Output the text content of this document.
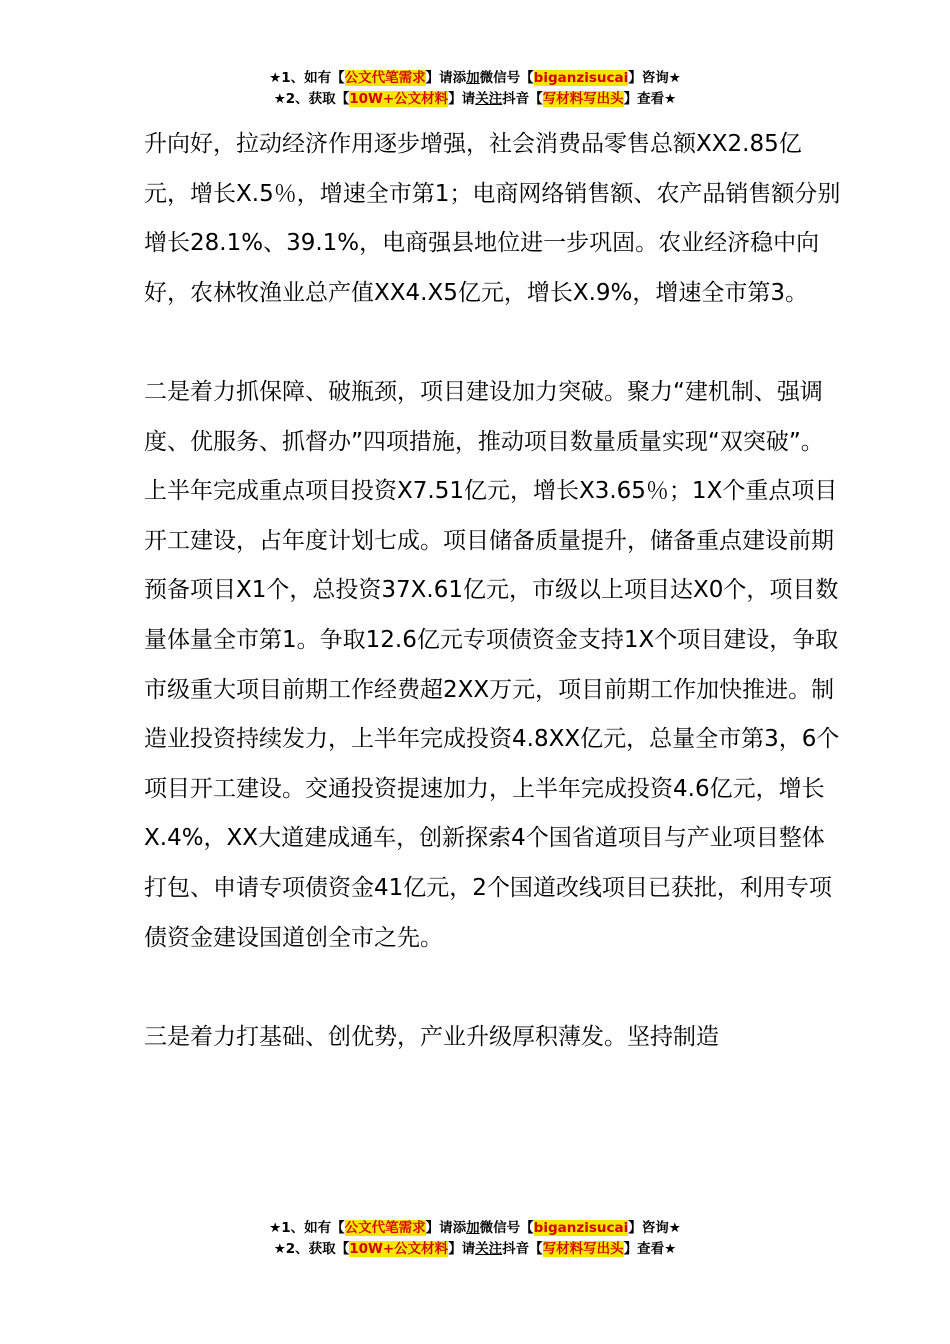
★1、如有【公文代笔需求】请添加微信号【biganzisucai】咨询★
★2、获取【10W+公文材料】请关注抖音【写材料写出头】查看★

升向好，拉动经济作用逐步增强，社会消费品零售总额XX2.85亿元，增长X.5％，增速全市第1；电商网络销售额、农产品销售额分别增长28.1%、39.1%，电商强县地位进一步巩固。农业经济稳中向好，农林牧渔业总产值XX4.X5亿元，增长X.9%，增速全市第3。

二是着力抓保障、破瓶颈，项目建设加力突破。聚力“建机制、强调度、优服务、抓督办”四项措施，推动项目数量质量实现“双突破”。上半年完成重点项目投资X7.51亿元，增长X3.65％；1X个重点项目开工建设，占年度计划七成。项目储备质量提升，储备重点建设前期预备项目X1个，总投资37X.61亿元，市级以上项目达X0个，项目数量体量全市第1。争取12.6亿元专项债资金支持1X个项目建设，争取市级重大项目前期工作经费超2XX万元，项目前期工作加快推进。制造业投资持续发力，上半年完成投资4.8XX亿元，总量全市第3，6个项目开工建设。交通投资提速加力，上半年完成投资4.6亿元，增长X.4%，XX大道建成通车，创新探索4个国省道项目与产业项目整体打包、申请专项债资金41亿元，2个国道改线项目已获批，利用专项债资金建设国道创全市之先。

三是着力打基础、创优势，产业升级厚积薄发。坚持制造

★1、如有【公文代笔需求】请添加微信号【biganzisucai】咨询★
★2、获取【10W+公文材料】请关注抖音【写材料写出头】查看★
